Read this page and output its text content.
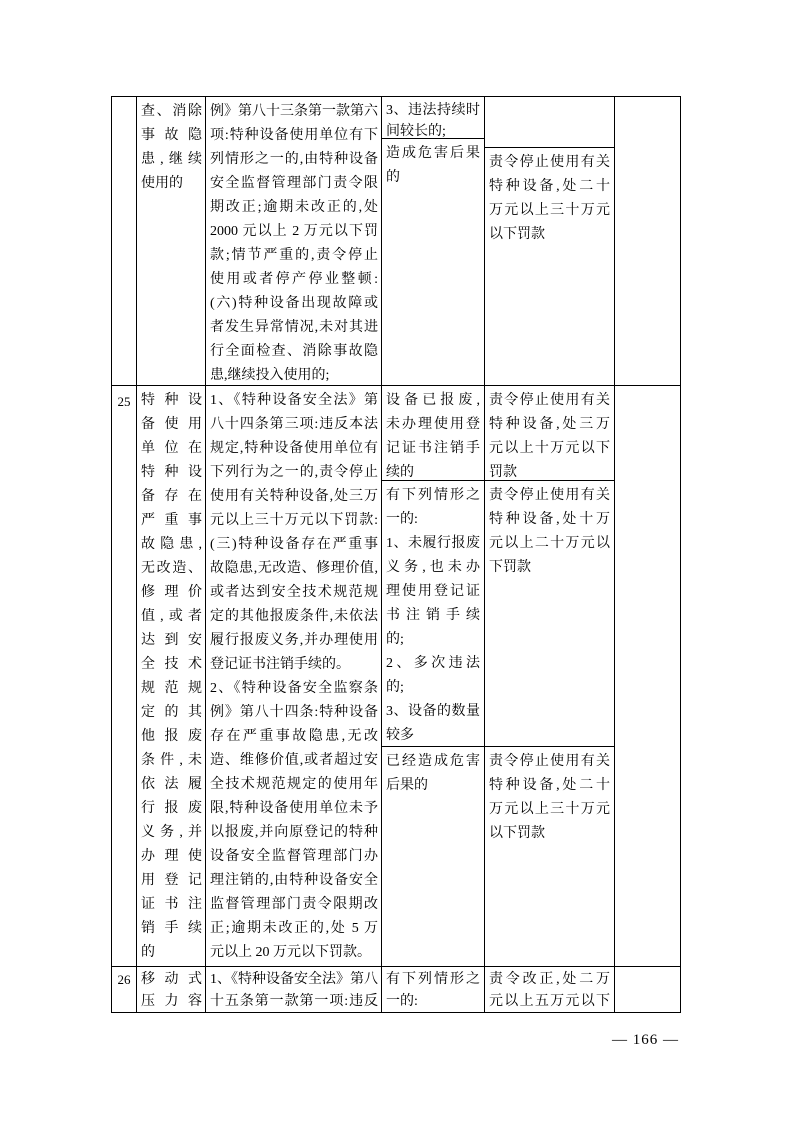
查、消除
事故隐
患,继续
使用的
例》第八十三条第一款第六
项:特种设备使用单位有下
列情形之一的,由特种设备
安全监督管理部门责令限
期改正;逾期未改正的,处
2000 元以上 2 万元以下罚
款;情节严重的,责令停止
使用或者停产停业整顿:
(六)特种设备出现故障或
者发生异常情况,未对其进
行全面检查、消除事故隐
患,继续投入使用的;
3、违法持续时
间较长的;
造成危害后果
的
责令停止使用有关
特种设备,处二十
万元以上三十万元
以下罚款
25 特种设
备使用
单位在
特种设
备存在
严重事
故隐患,
无改造、
修理价
值,或者
达到安
全技术
规范规
定的其
他报废
条件,未
依法履
行报废
义务,并
办理使
用登记
证书注
销手续
的
1、《特种设备安全法》第
八十四条第三项:违反本法
规定,特种设备使用单位有
下列行为之一的,责令停止
使用有关特种设备,处三万
元以上三十万元以下罚款:
(三)特种设备存在严重事
故隐患,无改造、修理价值,
或者达到安全技术规范规
定的其他报废条件,未依法
履行报废义务,并办理使用
登记证书注销手续的。
2、《特种设备安全监察条
例》第八十四条:特种设备
存在严重事故隐患,无改
造、维修价值,或者超过安
全技术规范规定的使用年
限,特种设备使用单位未予
以报废,并向原登记的特种
设备安全监督管理部门办
理注销的,由特种设备安全
监督管理部门责令限期改
正;逾期未改正的,处 5 万
元以上 20 万元以下罚款。
设备已报废,
未办理使用登
记证书注销手
续的
有下列情形之
一的:
1、未履行报废
义务,也未办
理使用登记证
书注销手续
的;
2、多次违法
的;
3、设备的数量
较多
已经造成危害
后果的
责令停止使用有关
特种设备,处三万
元以上十万元以下
罚款
责令停止使用有关
特种设备,处十万
元以上二十万元以
下罚款
责令停止使用有关
特种设备,处二十
万元以上三十万元
以下罚款
26 移动式
压力容
1、《特种设备安全法》第八
十五条第一款第一项:违反
有下列情形之
一的:
责令改正,处二万
元以上五万元以下
— 166 —
